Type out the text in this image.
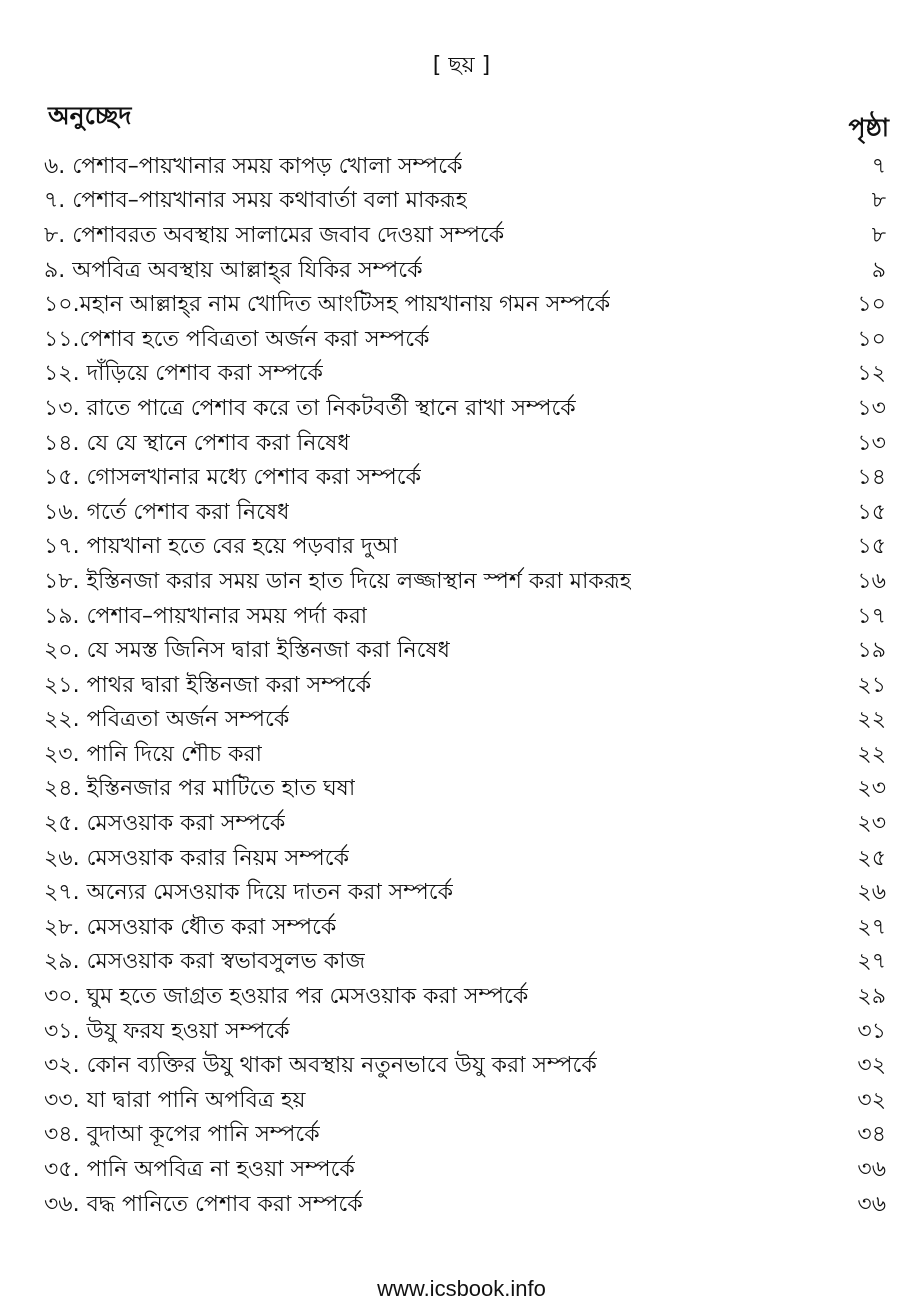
[ ছয় ]
অনুচ্ছেদ	পৃষ্ঠা
৬. পেশাব–পায়খানার সময় কাপড় খোলা সম্পর্কে	৭
৭. পেশাব–পায়খানার সময় কথাবার্তা বলা মাকরূহ	৮
৮. পেশাবরত অবস্থায় সালামের জবাব দেওয়া সম্পর্কে	৮
৯. অপবিত্র অবস্থায় আল্লাহ্‌র যিকির সম্পর্কে	৯
১০.মহান আল্লাহ্‌র নাম খোদিত আংটিসহ পায়খানায় গমন সম্পর্কে	১০
১১.পেশাব হতে পবিত্রতা অর্জন করা সম্পর্কে	১০
১২. দাঁড়িয়ে পেশাব করা সম্পর্কে	১২
১৩. রাতে পাত্রে পেশাব করে তা নিকটবর্তী স্থানে রাখা সম্পর্কে	১৩
১৪. যে যে স্থানে পেশাব করা নিষেধ	১৩
১৫. গোসলখানার মধ্যে পেশাব করা সম্পর্কে	১৪
১৬. গর্তে পেশাব করা নিষেধ	১৫
১৭. পায়খানা হতে বের হয়ে পড়বার দুআ	১৫
১৮. ইস্তিনজা করার সময় ডান হাত দিয়ে লজ্জাস্থান স্পর্শ করা মাকরূহ	১৬
১৯. পেশাব–পায়খানার সময় পর্দা করা	১৭
২০. যে সমস্ত জিনিস দ্বারা ইস্তিনজা করা নিষেধ	১৯
২১. পাথর দ্বারা ইস্তিনজা করা সম্পর্কে	২১
২২. পবিত্রতা অর্জন সম্পর্কে	২২
২৩. পানি দিয়ে শৌচ করা	২২
২৪. ইস্তিনজার পর মাটিতে হাত ঘষা	২৩
২৫. মেসওয়াক করা সম্পর্কে	২৩
২৬. মেসওয়াক করার নিয়ম সম্পর্কে	২৫
২৭. অন্যের মেসওয়াক দিয়ে দাতন করা সম্পর্কে	২৬
২৮. মেসওয়াক ধৌত করা সম্পর্কে	২৭
২৯. মেসওয়াক করা স্বভাবসুলভ কাজ	২৭
৩০. ঘুম হতে জাগ্রত হওয়ার পর মেসওয়াক করা সম্পর্কে	২৯
৩১. উযু ফরয হওয়া সম্পর্কে	৩১
৩২. কোন ব্যক্তির উযু থাকা অবস্থায় নতুনভাবে উযু করা সম্পর্কে	৩২
৩৩. যা দ্বারা পানি অপবিত্র হয়	৩২
৩৪. বুদাআ কূপের পানি সম্পর্কে	৩৪
৩৫. পানি অপবিত্র না হওয়া সম্পর্কে	৩৬
৩৬. বদ্ধ পানিতে পেশাব করা সম্পর্কে	৩৬
www.icsbook.info
